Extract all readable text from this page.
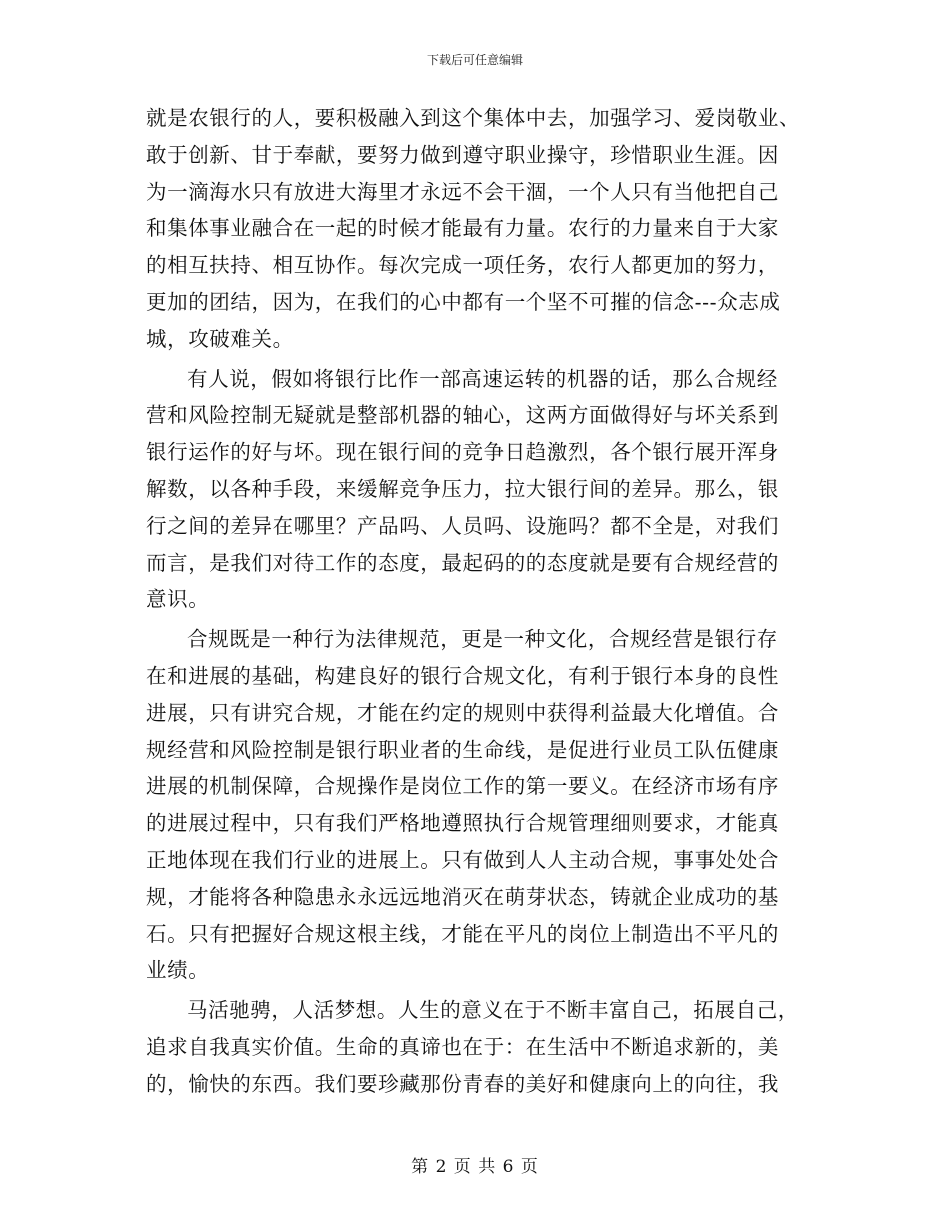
下载后可任意编辑
就是农银行的人，要积极融入到这个集体中去，加强学习、爱岗敬业、
敢于创新、甘于奉献，要努力做到遵守职业操守，珍惜职业生涯。因
为一滴海水只有放进大海里才永远不会干涸，一个人只有当他把自己
和集体事业融合在一起的时候才能最有力量。农行的力量来自于大家
的相互扶持、相互协作。每次完成一项任务，农行人都更加的努力，
更加的团结，因为，在我们的心中都有一个坚不可摧的信念---众志成
城，攻破难关。
有人说，假如将银行比作一部高速运转的机器的话，那么合规经
营和风险控制无疑就是整部机器的轴心，这两方面做得好与坏关系到
银行运作的好与坏。现在银行间的竞争日趋激烈，各个银行展开浑身
解数，以各种手段，来缓解竞争压力，拉大银行间的差异。那么，银
行之间的差异在哪里？产品吗、人员吗、设施吗？都不全是，对我们
而言，是我们对待工作的态度，最起码的的态度就是要有合规经营的
意识。
合规既是一种行为法律规范，更是一种文化，合规经营是银行存
在和进展的基础，构建良好的银行合规文化，有利于银行本身的良性
进展，只有讲究合规，才能在约定的规则中获得利益最大化增值。合
规经营和风险控制是银行职业者的生命线，是促进行业员工队伍健康
进展的机制保障，合规操作是岗位工作的第一要义。在经济市场有序
的进展过程中，只有我们严格地遵照执行合规管理细则要求，才能真
正地体现在我们行业的进展上。只有做到人人主动合规，事事处处合
规，才能将各种隐患永永远远地消灭在萌芽状态，铸就企业成功的基
石。只有把握好合规这根主线，才能在平凡的岗位上制造出不平凡的
业绩。
马活驰骋，人活梦想。人生的意义在于不断丰富自己，拓展自己，
追求自我真实价值。生命的真谛也在于：在生活中不断追求新的，美
的，愉快的东西。我们要珍藏那份青春的美好和健康向上的向往，我
第 2 页 共 6 页
